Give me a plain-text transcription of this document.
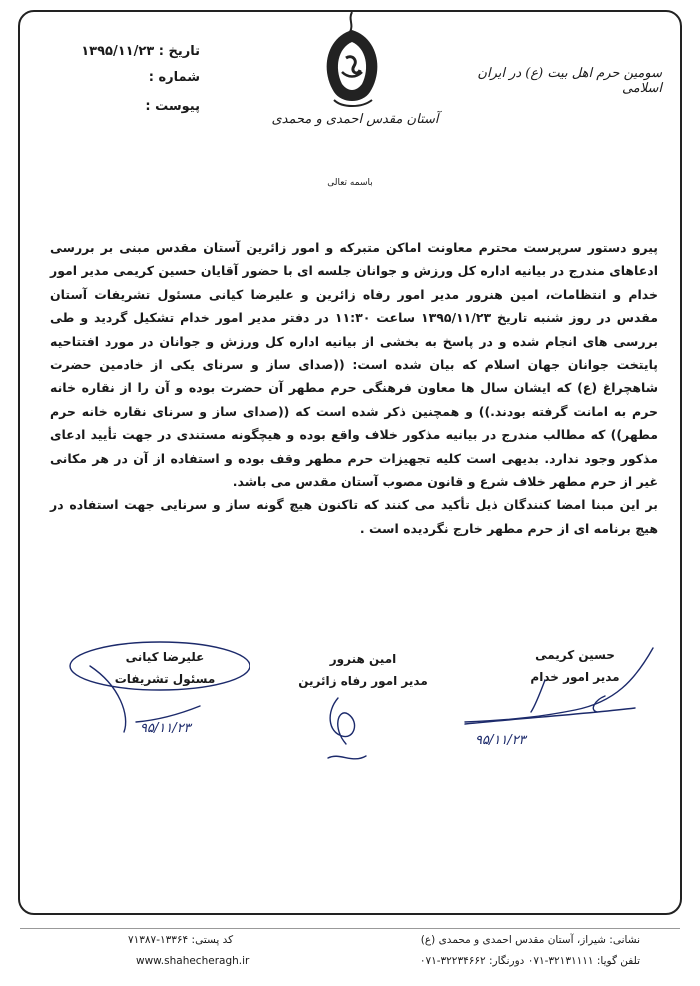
تاریخ : ۱۳۹۵/۱۱/۲۳
شماره :
پیوست :
آستان مقدس احمدی و محمدی
سومین حرم اهل بیت (ع) در ایران اسلامی
باسمه تعالی

پیرو دستور سرپرست محترم معاونت اماکن متبرکه و امور زائرین آستان مقدس مبنی بر بررسی ادعاهای مندرج در بیانیه اداره کل ورزش و جوانان جلسه ای با حضور آقایان حسین کریمی مدیر امور خدام و انتظامات، امین هنرور مدیر امور رفاه زائرین و علیرضا کیانی مسئول تشریفات آستان مقدس در روز شنبه تاریخ ۱۳۹۵/۱۱/۲۳ ساعت ۱۱:۳۰ در دفتر مدیر امور خدام تشکیل گردید و طی بررسی های انجام شده و در پاسخ به بخشی از بیانیه اداره کل ورزش و جوانان در مورد افتتاحیه پایتخت جوانان جهان اسلام که بیان شده است: ((صدای ساز و سرنای یکی از خادمین حضرت شاهچراغ (ع) که ایشان سال ها معاون فرهنگی حرم مطهر آن حضرت بوده و آن را از نقاره خانه حرم به امانت گرفته بودند.)) و همچنین ذکر شده است که ((صدای ساز و سرنای نقاره خانه حرم مطهر)) که مطالب مندرج در بیانیه مذکور خلاف واقع بوده و هیچگونه مستندی در جهت تأیید ادعای مذکور وجود ندارد. بدیهی است کلیه تجهیزات حرم مطهر وقف بوده و استفاده از آن در هر مکانی غیر از حرم مطهر خلاف شرع و قانون مصوب آستان مقدس می باشد.

بر این مبنا امضا کنندگان ذیل تأکید می کنند که تاکنون هیچ گونه ساز و سرنایی جهت استفاده در هیچ برنامه ای از حرم مطهر خارج نگردیده است .

حسین کریمی
مدیر امور خدام
امین هنرور
مدیر امور رفاه زائرین
علیرضا کیانی
مسئول تشریفات
۹۵/۱۱/۲۳
۹۵/۱۱/۲۳
نشانی: شیراز، آستان مقدس احمدی و محمدی (ع)
تلفن گویا: ۳۲۱۳۱۱۱۱-۰۷۱ دورنگار: ۳۲۲۳۴۶۶۲-۰۷۱
کد پستی: ۱۳۳۶۴-۷۱۳۸۷
www.shahecheragh.ir
